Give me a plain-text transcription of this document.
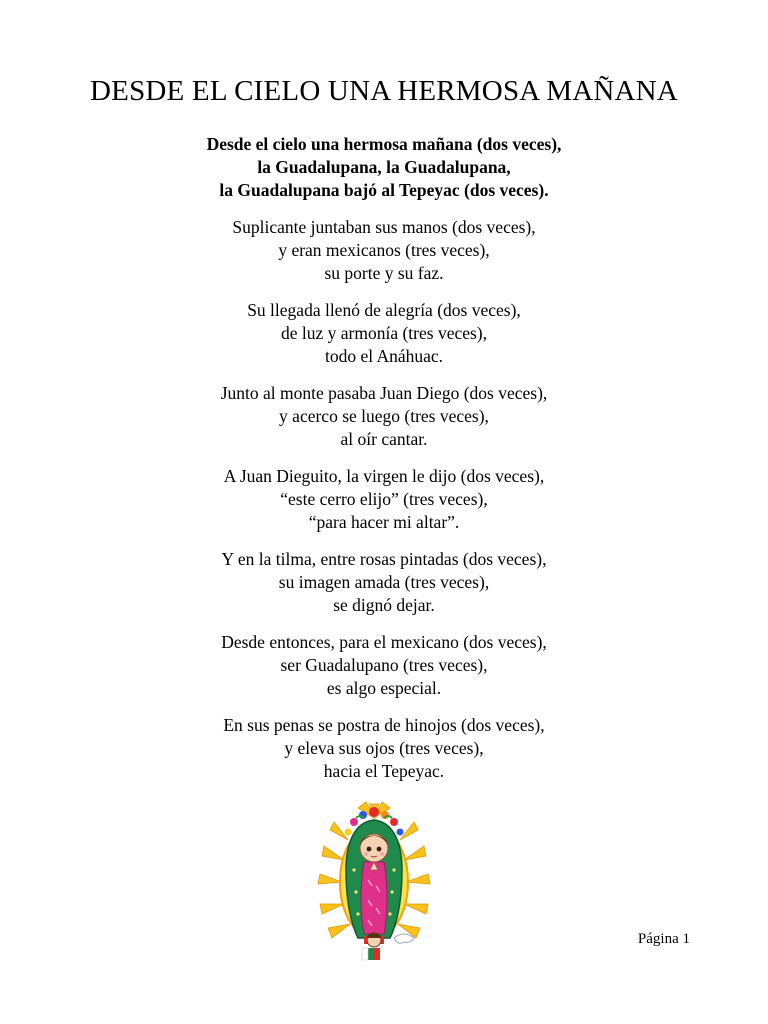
DESDE EL CIELO UNA HERMOSA MAÑANA
Desde el cielo una hermosa mañana (dos veces),
la Guadalupana, la Guadalupana,
la Guadalupana bajó al Tepeyac (dos veces).
Suplicante juntaban sus manos (dos veces),
y eran mexicanos (tres veces),
su porte y su faz.
Su llegada llenó de alegría (dos veces),
de luz y armonía (tres veces),
todo el Anáhuac.
Junto al monte pasaba Juan Diego (dos veces),
y acerco se luego (tres veces),
al oír cantar.
A Juan Dieguito, la virgen le dijo (dos veces),
“este cerro elijo” (tres veces),
“para hacer mi altar”.
Y en la tilma, entre rosas pintadas (dos veces),
su imagen amada (tres veces),
se dignó dejar.
Desde entonces, para el mexicano (dos veces),
ser Guadalupano (tres veces),
es algo especial.
En sus penas se postra de hinojos (dos veces),
y eleva sus ojos (tres veces),
hacia el Tepeyac.
Página 1
